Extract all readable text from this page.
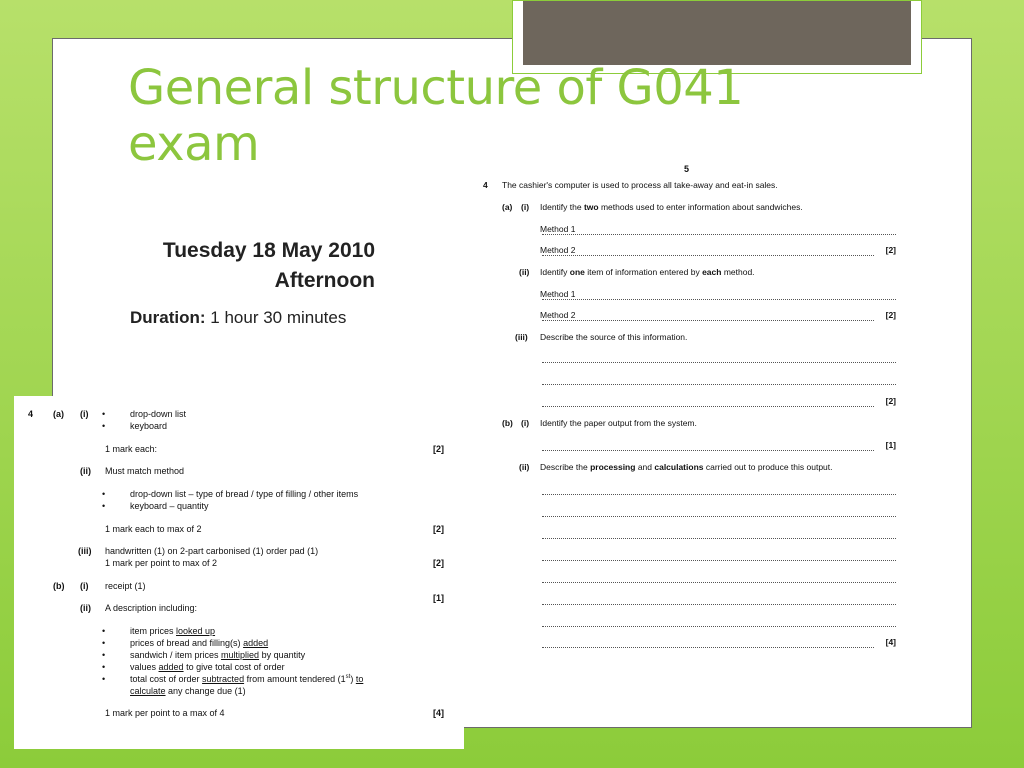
General structure of G041
exam
Tuesday 18 May 2010
Afternoon
Duration: 1 hour 30 minutes
5
4 The cashier's computer is used to process all take-away and eat-in sales.
(a) (i) Identify the two methods used to enter information about sandwiches.
Method 1
Method 2	[2]
(ii) Identify one item of information entered by each method.
Method 1
Method 2	[2]
(iii) Describe the source of this information.
[2]
(b) (i) Identify the paper output from the system.
[1]
(ii) Describe the processing and calculations carried out to produce this output.
[4]
4 (a) (i)
•	drop-down list
• keyboard
1 mark each:	[2]
(ii) Must match method
• drop-down list – type of bread / type of filling / other items
• keyboard – quantity
1 mark each to max of 2	[2]
(iii) handwritten (1) on 2-part carbonised (1) order pad (1)
1 mark per point to max of 2	[2]
(b) (i) receipt (1)
[1]
(ii) A description including:
• item prices looked up
• prices of bread and filling(s) added
• sandwich / item prices multiplied by quantity
• values added to give total cost of order
• total cost of order subtracted from amount tendered (1st) to
calculate any change due (1)
1 mark per point to a max of 4	[4]
